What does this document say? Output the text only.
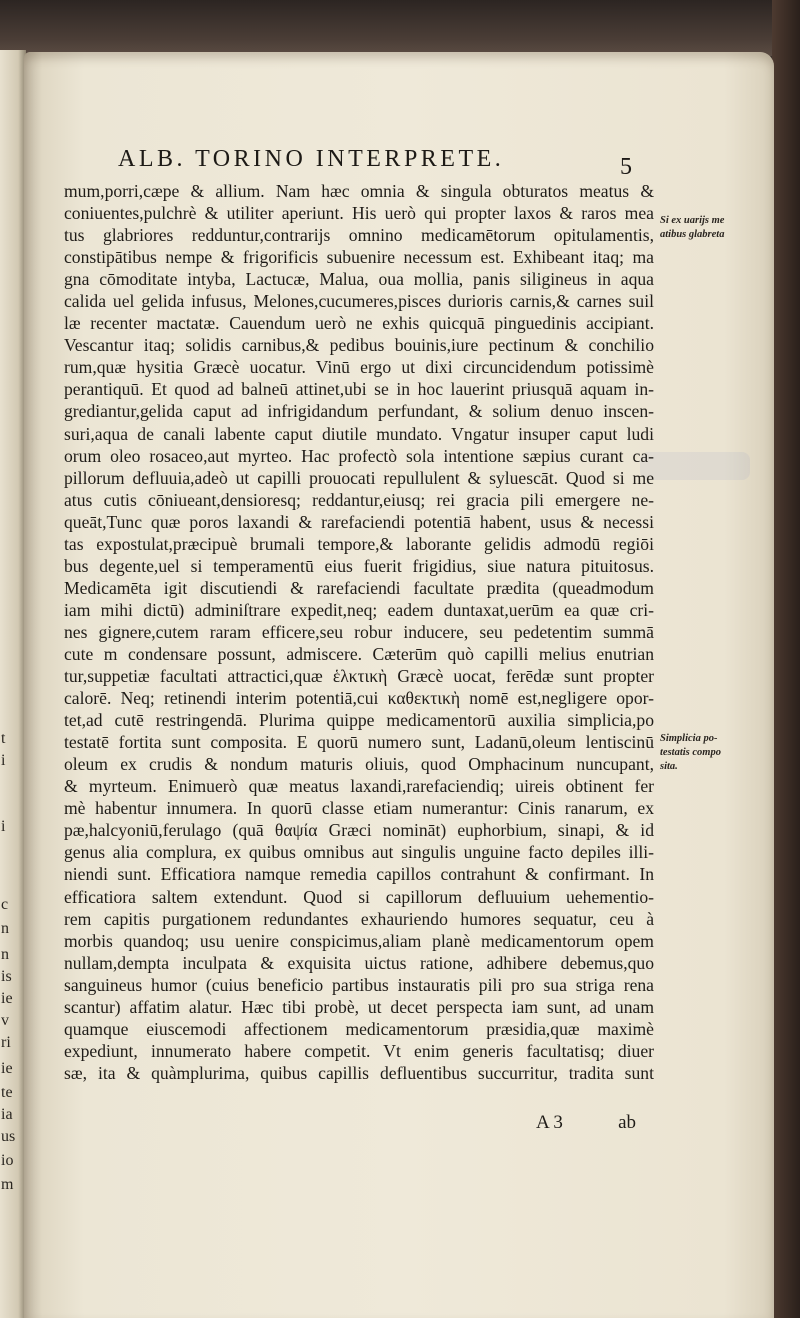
t
i
i
c
n
n
is
ie
v
ri
ie
te
ia
us
io
m
ALB. TORINO INTERPRETE.	5
mum,porri,cæpe & allium. Nam hæc omnia & singula obturatos meatus &
coniuentes,pulchrè & utiliter aperiunt. His uerò qui propter laxos & raros mea
tus glabriores redduntur,contrarijs omnino medicamētorum opitulamentis,
constipātibus nempe & frigorificis subuenire necessum est. Exhibeant itaq; ma
gna cōmoditate intyba, Lactucæ, Malua, oua mollia, panis siligineus in aqua
calida uel gelida infusus, Melones,cucumeres,pisces durioris carnis,& carnes suil
læ recenter mactatæ. Cauendum uerò ne exhis quicquā pinguedinis accipiant.
Vescantur itaq; solidis carnibus,& pedibus bouinis,iure pectinum & conchilio
rum,quæ hysitia Græcè uocatur. Vinū ergo ut dixi circuncidendum potissimè
perantiquū. Et quod ad balneū attinet,ubi se in hoc lauerint priusquā aquam in-
grediantur,gelida caput ad infrigidandum perfundant, & solium denuo inscen-
suri,aqua de canali labente caput diutile mundato. Vngatur insuper caput ludi
orum oleo rosaceo,aut myrteo. Hac profectò sola intentione sæpius curant ca-
pillorum defluuia,adeò ut capilli prouocati repullulent & syluescāt. Quod si me
atus cutis cōniueant,densioresq; reddantur,eiusq; rei gracia pili emergere ne-
queāt,Tunc quæ poros laxandi & rarefaciendi potentiā habent, usus & necessi
tas expostulat,præcipuè brumali tempore,& laborante gelidis admodū regiōi
bus degente,uel si temperamentū eius fuerit frigidius, siue natura pituitosus.
Medicamēta igit discutiendi & rarefaciendi facultate prædita (queadmodum
iam mihi dictū) adminiſtrare expedit,neq; eadem duntaxat,uerūm ea quæ cri-
nes gignere,cutem raram efficere,seu robur inducere, seu pedetentim summā
cute m condensare possunt, admiscere. Cæterūm quò capilli melius enutrian
tur,suppetiæ facultati attractici,quæ ἑλκτικὴ Græcè uocat, ferēdæ sunt propter
calorē. Neq; retinendi interim potentiā,cui καθεκτικὴ nomē est,negligere opor-
tet,ad cutē restringendā. Plurima quippe medicamentorū auxilia simplicia,po
testatē fortita sunt composita. E quorū numero sunt, Ladanū,oleum lentiscinū
oleum ex crudis & nondum maturis oliuis, quod Omphacinum nuncupant,
& myrteum. Enimuerò quæ meatus laxandi,rarefaciendiq; uireis obtinent fer
mè habentur innumera. In quorū classe etiam numerantur: Cinis ranarum, ex
pæ,halcyoniū,ferulago (quā θαψία Græci nomināt) euphorbium, sinapi, & id
genus alia complura, ex quibus omnibus aut singulis unguine facto depiles illi-
niendi sunt. Efficatiora namque remedia capillos contrahunt & confirmant. In
efficatiora saltem extendunt. Quod si capillorum defluuium uehementio-
rem capitis purgationem redundantes exhauriendo humores sequatur, ceu à
morbis quandoq; usu uenire conspicimus,aliam planè medicamentorum opem
nullam,dempta inculpata & exquisita uictus ratione, adhibere debemus,quo
sanguineus humor (cuius beneficio partibus instauratis pili pro sua striga rena
scantur) affatim alatur. Hæc tibi probè, ut decet perspecta iam sunt, ad unam
quamque eiuscemodi affectionem medicamentorum præsidia,quæ maximè
expediunt, innumerato habere competit. Vt enim generis facultatisq; diuer
sæ, ita & quàmplurima, quibus capillis defluentibus succurritur, tradita sunt
Si ex uarijs me
atibus glabreta
Simplicia po-
testatis compo
sita.
A 3	ab
